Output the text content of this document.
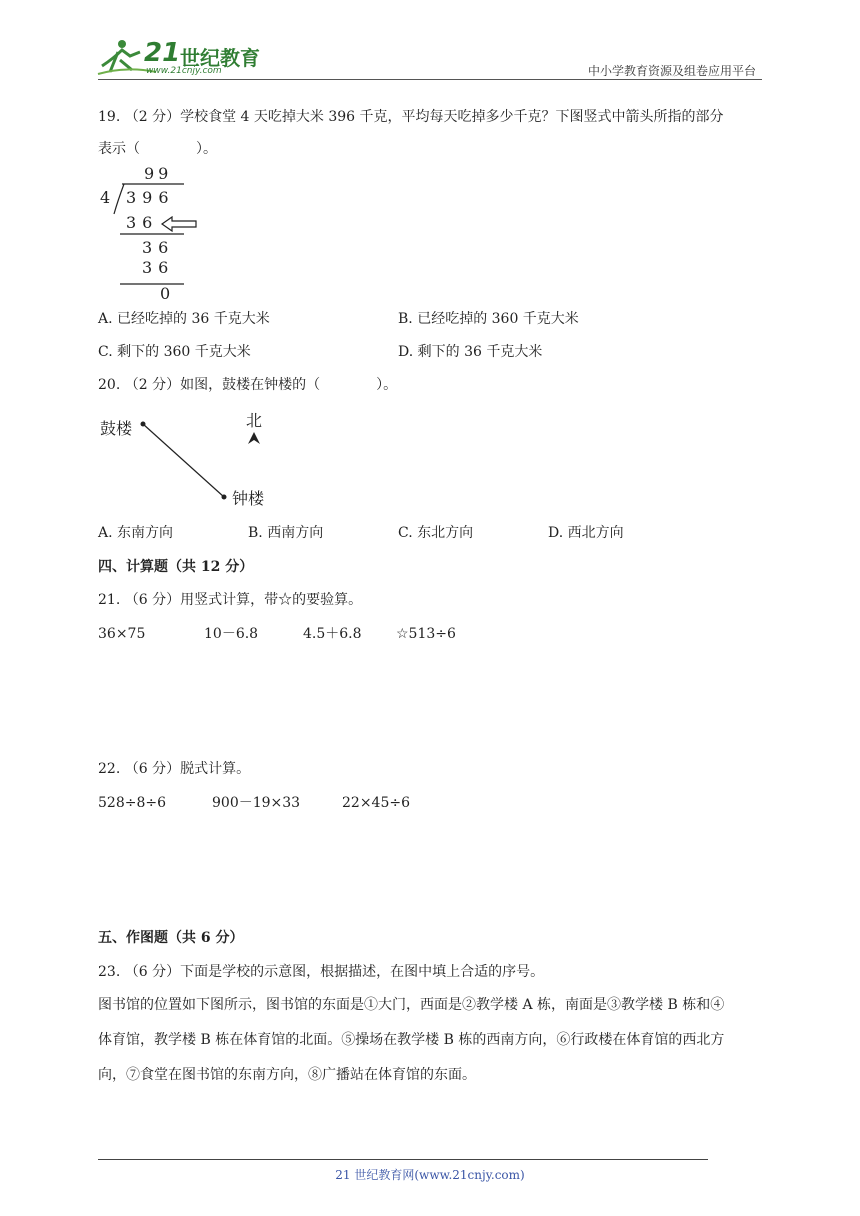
21 世纪教育
www.21cnjy.com	中小学教育资源及组卷应用平台
19. （2 分）学校食堂 4 天吃掉大米 396 千克，平均每天吃掉多少千克？下图竖式中箭头所指的部分
表示（　　　　）。
99
4 396
36
36
36
0
A. 已经吃掉的 36 千克大米	B. 已经吃掉的 360 千克大米
C. 剩下的 360 千克大米	D. 剩下的 36 千克大米
20. （2 分）如图，鼓楼在钟楼的（　　　　）。
鼓楼	北
钟楼
A. 东南方向	B. 西南方向	C. 东北方向	D. 西北方向
四、计算题（共 12 分）
21. （6 分）用竖式计算，带☆的要验算。
36×75	10－6.8	4.5＋6.8 ☆513÷6
22. （6 分）脱式计算。
528÷8÷6	900－19×33	22×45÷6
五、作图题（共 6 分）
23. （6 分）下面是学校的示意图，根据描述，在图中填上合适的序号。
图书馆的位置如下图所示，图书馆的东面是①大门，西面是②教学楼 A 栋，南面是③教学楼 B 栋和④
体育馆，教学楼 B 栋在体育馆的北面。⑤操场在教学楼 B 栋的西南方向，⑥行政楼在体育馆的西北方
向，⑦食堂在图书馆的东南方向，⑧广播站在体育馆的东面。
21 世纪教育网(www.21cnjy.com)
